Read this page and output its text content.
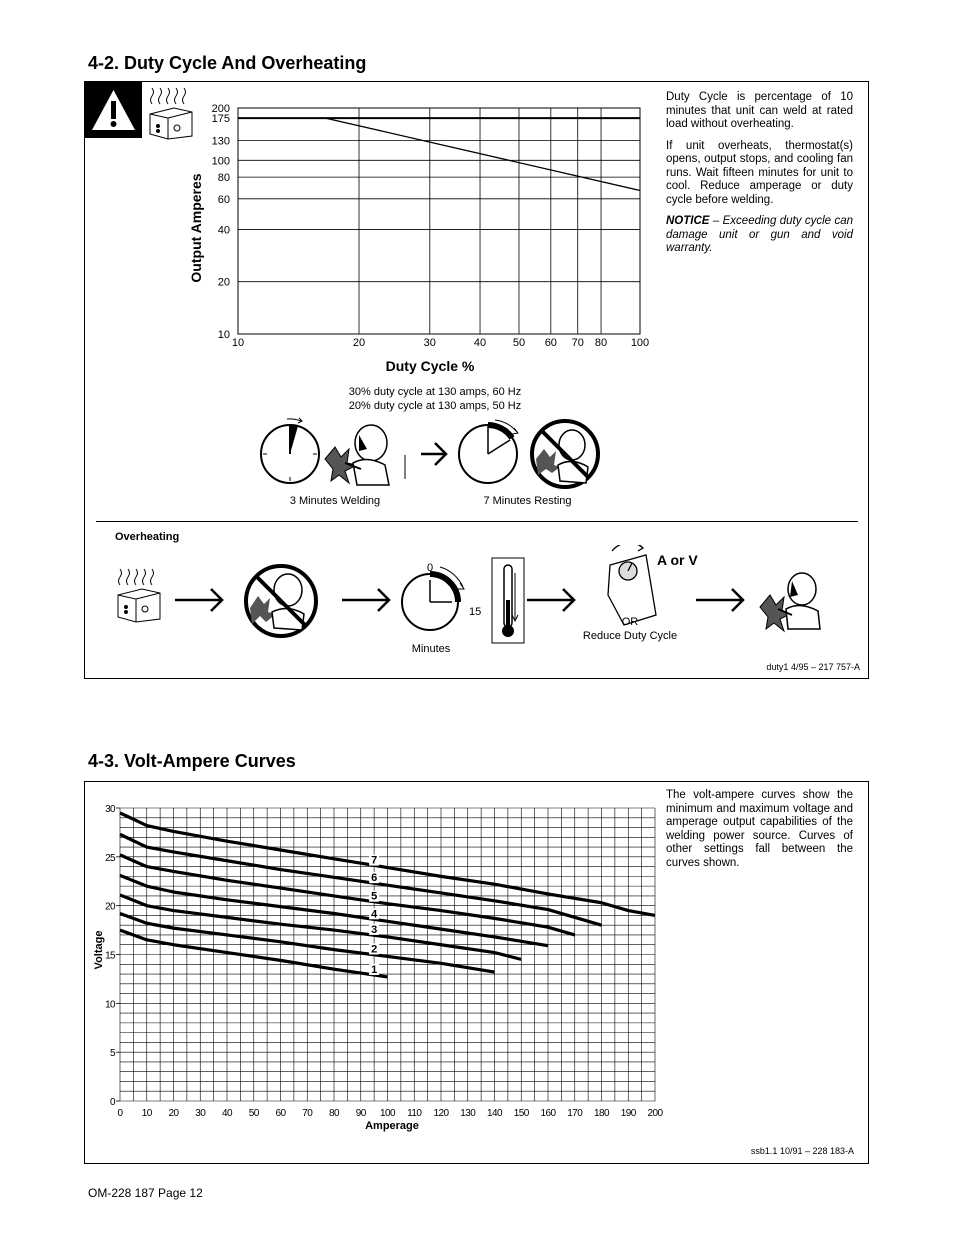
4-2. Duty Cycle And Overheating
10	20	30	40 50 60 70 80 100
10
20
40
60
80
100
130
175
200
Duty Cycle %
Output Amperes

Duty Cycle is percentage of 10 minutes that unit can weld at rated load without overheating.

If unit overheats, thermostat(s) opens, output stops, and cooling fan runs. Wait fifteen minutes for unit to cool. Reduce amperage or duty cycle before welding.

NOTICE – Exceeding duty cycle can damage unit or gun and void warranty.

30% duty cycle at 130 amps, 60 Hz
20% duty cycle at 130 amps, 50 Hz
3 Minutes Welding	7 Minutes Resting
Overheating
0
15
Minutes
A or V
OR
Reduce Duty Cycle
duty1 4/95 – 217 757-A
4-3. Volt-Ampere Curves
0 10 20 30 40 50 60 70 80 90 100 110 120 130 140 150 160 170 180 190 200
0
5
10
15
20
25
30
1
2
3
4
5
6
7
Amperage
Voltage

The volt-ampere curves show the minimum and maximum voltage and amperage output capabilities of the welding power source. Curves of other settings fall between the curves shown.

ssb1.1 10/91 – 228 183-A
OM-228 187 Page 12
